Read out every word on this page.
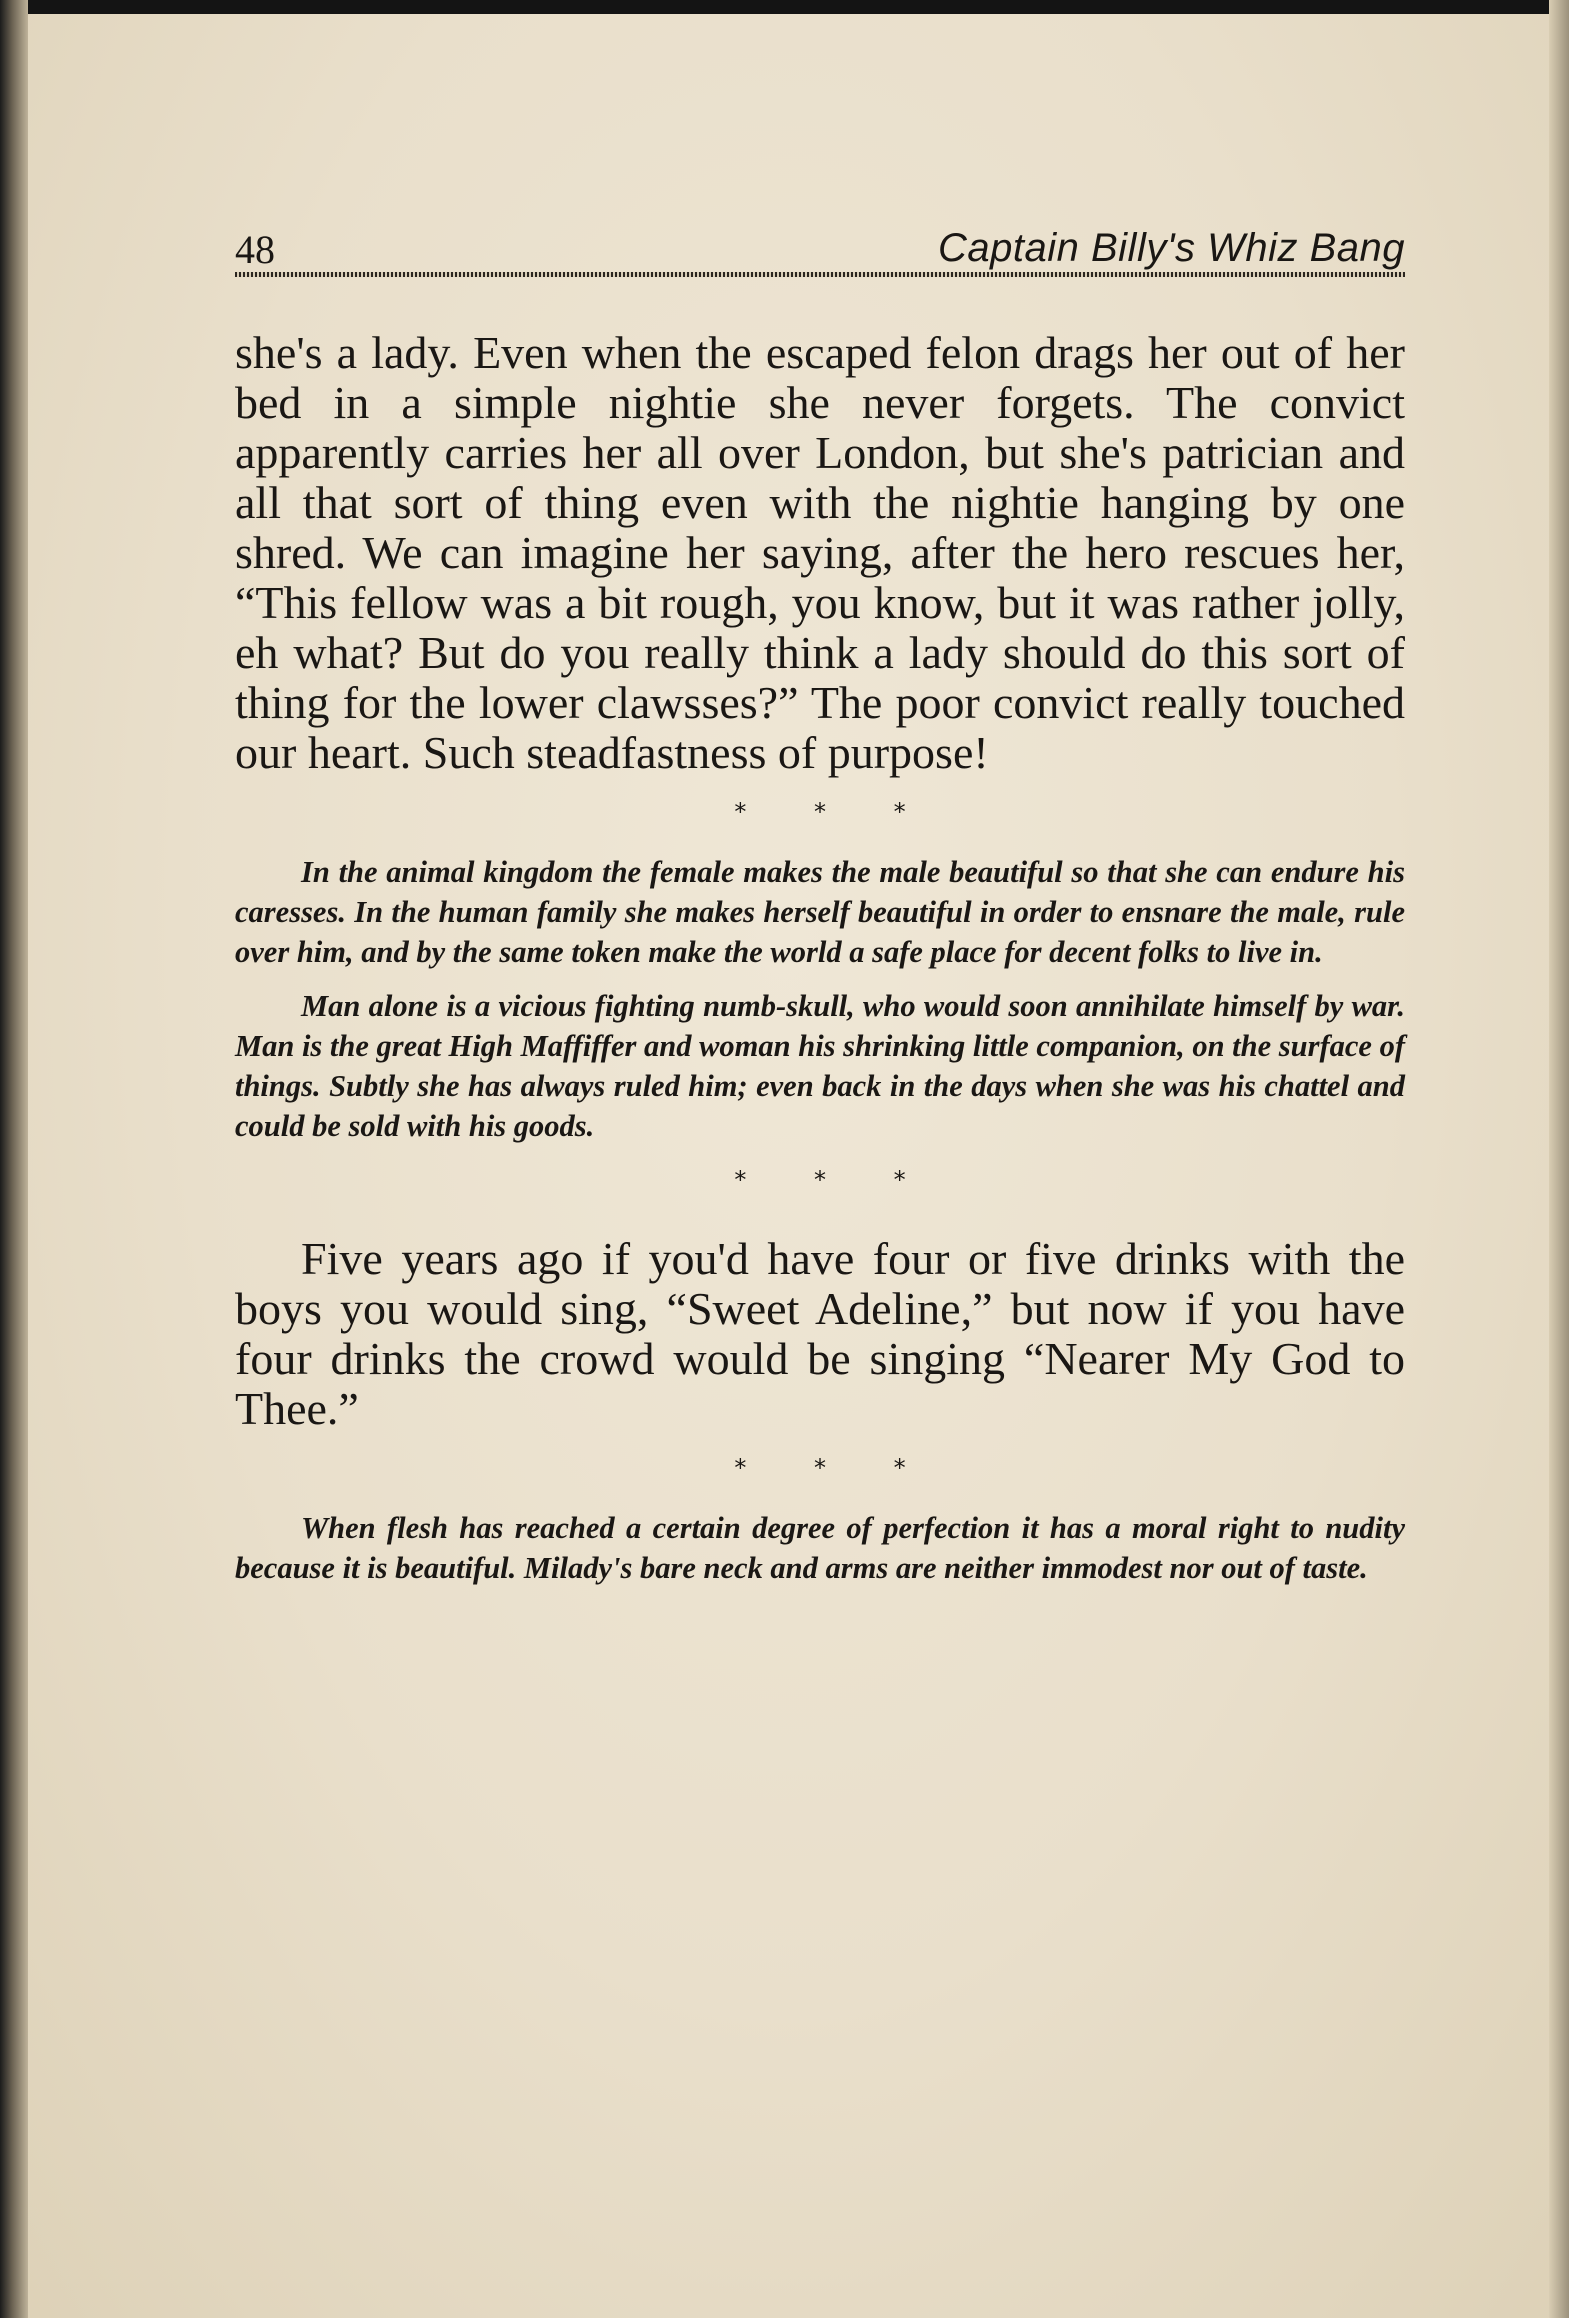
48	Captain Billy's Whiz Bang

she's a lady. Even when the escaped felon drags her out of her bed in a simple nightie she never forgets. The convict apparently carries her all over London, but she's patrician and all that sort of thing even with the nightie hanging by one shred. We can imagine her saying, after the hero rescues her, “This fellow was a bit rough, you know, but it was rather jolly, eh what? But do you really think a lady should do this sort of thing for the lower clawsses?” The poor convict really touched our heart. Such steadfastness of purpose!

* * *

In the animal kingdom the female makes the male beautiful so that she can endure his caresses. In the human family she makes herself beautiful in order to ensnare the male, rule over him, and by the same token make the world a safe place for decent folks to live in.

Man alone is a vicious fighting numb-skull, who would soon annihilate himself by war. Man is the great High Maffiffer and woman his shrinking little companion, on the surface of things. Subtly she has always ruled him; even back in the days when she was his chattel and could be sold with his goods.

* * *

Five years ago if you'd have four or five drinks with the boys you would sing, “Sweet Adeline,” but now if you have four drinks the crowd would be singing “Nearer My God to Thee.”

* * *

When flesh has reached a certain degree of perfection it has a moral right to nudity because it is beautiful. Milady's bare neck and arms are neither immodest nor out of taste.
